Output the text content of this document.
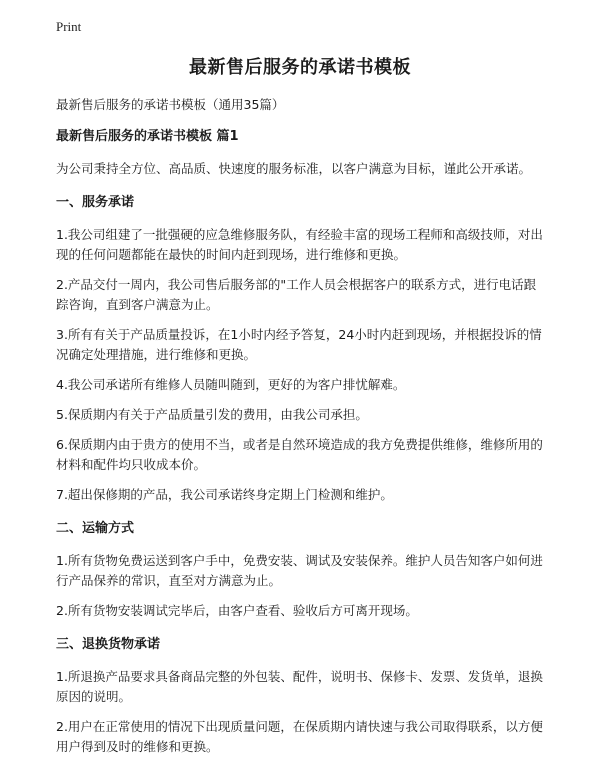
Print
最新售后服务的承诺书模板
最新售后服务的承诺书模板（通用35篇）
最新售后服务的承诺书模板 篇1
为公司秉持全方位、高品质、快速度的服务标准，以客户满意为目标，谨此公开承诺。
一、服务承诺
1.我公司组建了一批强硬的应急维修服务队，有经验丰富的现场工程师和高级技师，对出现的任何问题都能在最快的时间内赶到现场，进行维修和更换。
2.产品交付一周内，我公司售后服务部的"工作人员会根据客户的联系方式，进行电话跟踪咨询，直到客户满意为止。
3.所有有关于产品质量投诉，在1小时内经予答复，24小时内赶到现场，并根据投诉的情况确定处理措施，进行维修和更换。
4.我公司承诺所有维修人员随叫随到，更好的为客户排忧解难。
5.保质期内有关于产品质量引发的费用，由我公司承担。
6.保质期内由于贵方的使用不当，或者是自然环境造成的我方免费提供维修，维修所用的材料和配件均只收成本价。
7.超出保修期的产品，我公司承诺终身定期上门检测和维护。
二、运输方式
1.所有货物免费运送到客户手中，免费安装、调试及安装保养。维护人员告知客户如何进行产品保养的常识，直至对方满意为止。
2.所有货物安装调试完毕后，由客户查看、验收后方可离开现场。
三、退换货物承诺
1.所退换产品要求具备商品完整的外包装、配件，说明书、保修卡、发票、发货单，退换原因的说明。
2.用户在正常使用的情况下出现质量问题，在保质期内请快速与我公司取得联系，以方便用户得到及时的维修和更换。
